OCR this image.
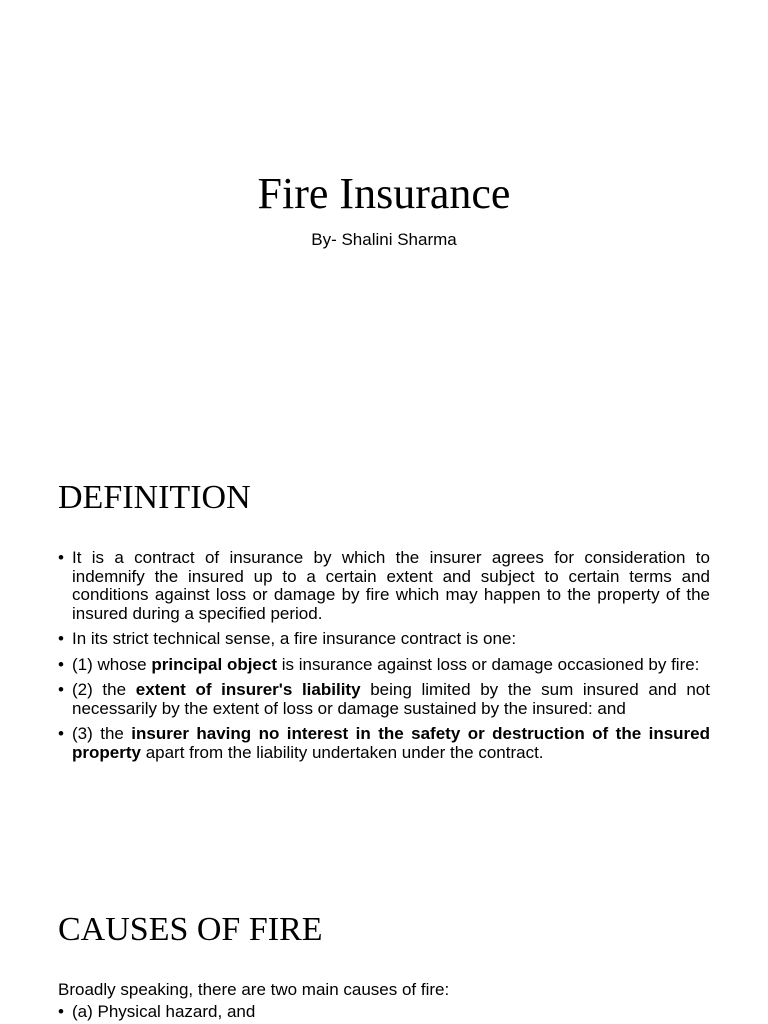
Fire Insurance

By- Shalini Sharma

DEFINITION
• It is a contract of insurance by which the insurer agrees for consideration to indemnify the insured up to a certain extent and subject to certain terms and conditions against loss or damage by fire which may happen to the property of the insured during a specified period.
• In its strict technical sense, a fire insurance contract is one:
• (1) whose principal object is insurance against loss or damage occasioned by fire:
• (2) the extent of insurer's liability being limited by the sum insured and not necessarily by the extent of loss or damage sustained by the insured: and
• (3) the insurer having no interest in the safety or destruction of the insured property apart from the liability undertaken under the contract.
CAUSES OF FIRE

Broadly speaking, there are two main causes of fire:

• (a) Physical hazard, and
